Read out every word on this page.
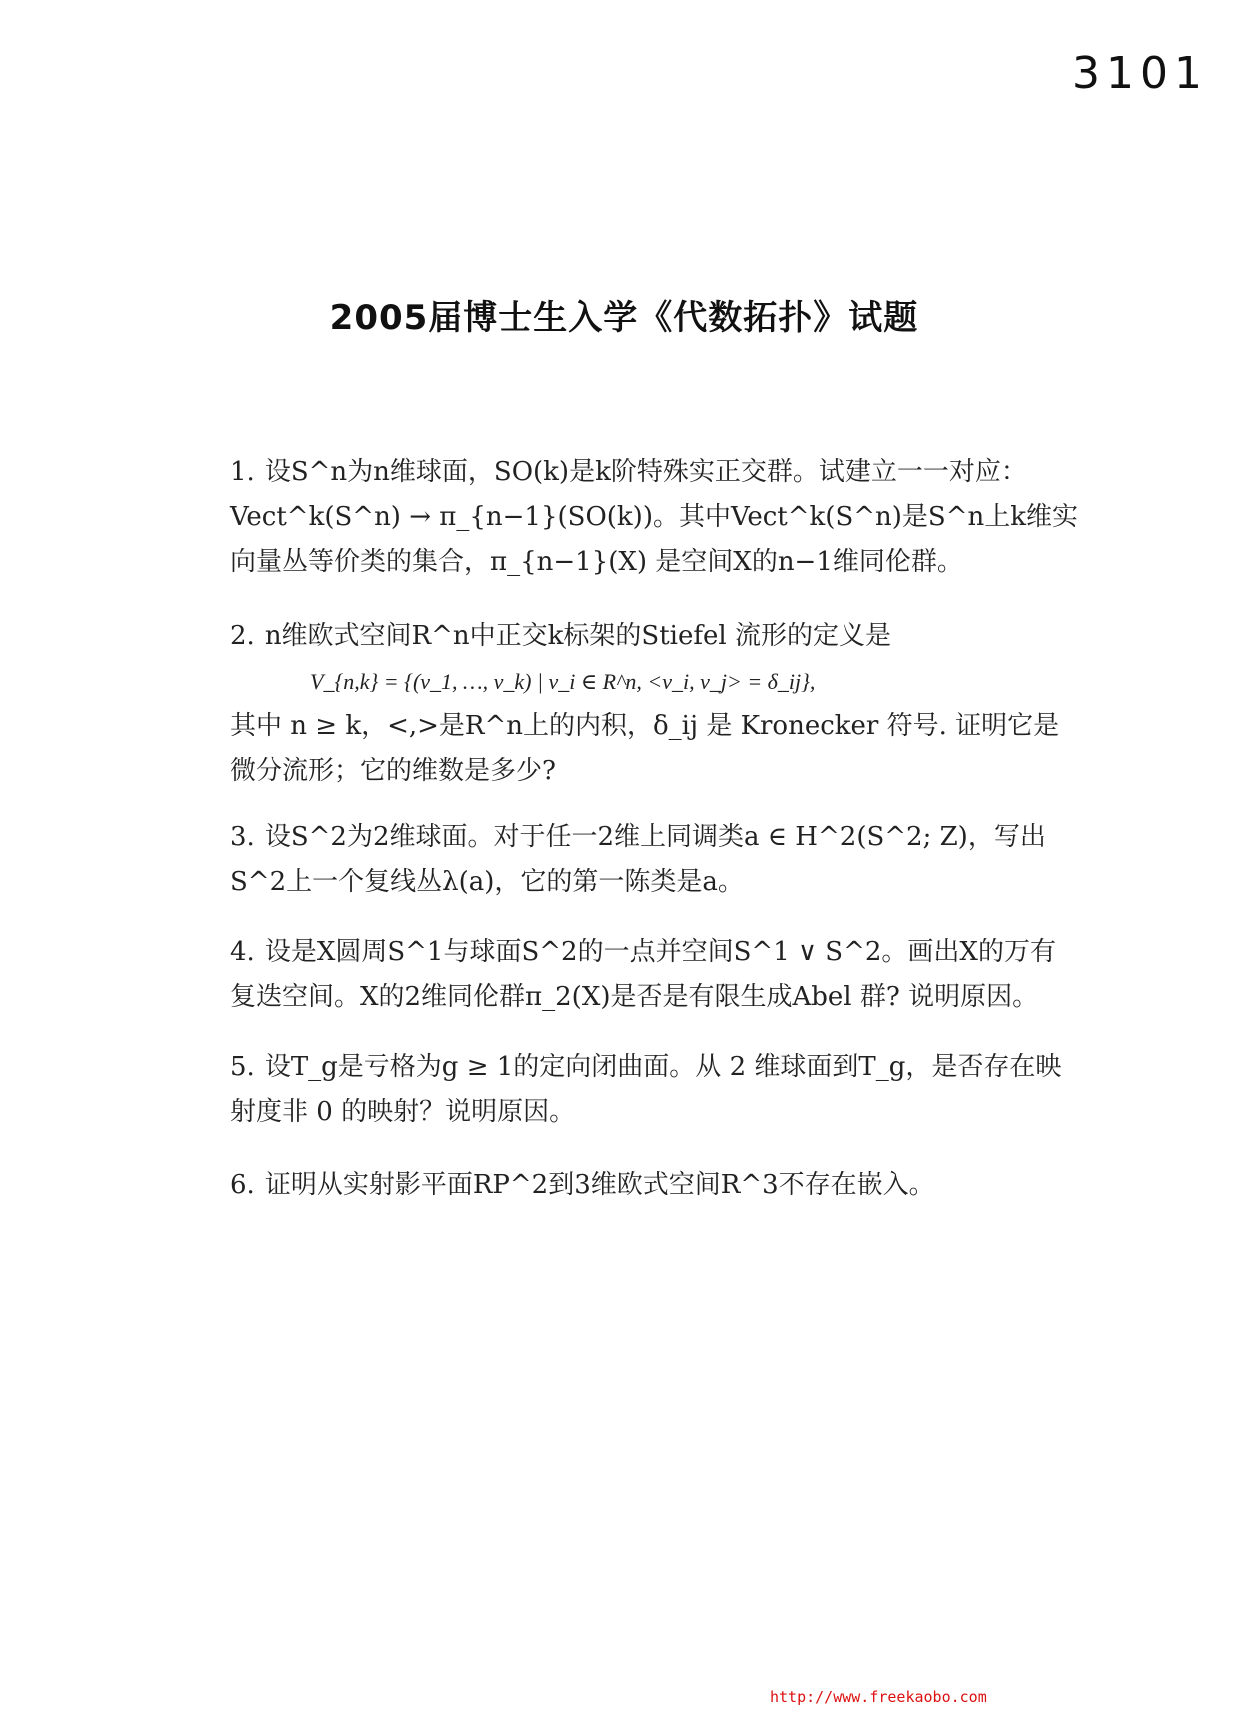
3101
2005届博士生入学《代数拓扑》试题
1. 设S^n为n维球面，SO(k)是k阶特殊实正交群。试建立一一对应：Vect^k(S^n) → π_{n−1}(SO(k))。其中Vect^k(S^n)是S^n上k维实向量丛等价类的集合，π_{n−1}(X) 是空间X的n−1维同伦群。
2. n维欧式空间R^n中正交k标架的Stiefel 流形的定义是
V_{n,k} = {(v_1, …, v_k) | v_i ∈ R^n, <v_i, v_j> = δ_ij},
其中 n ≥ k，<,>是R^n上的内积，δ_ij 是 Kronecker 符号. 证明它是微分流形；它的维数是多少?
3. 设S^2为2维球面。对于任一2维上同调类a ∈ H^2(S^2; Z)，写出S^2上一个复线丛λ(a)，它的第一陈类是a。
4. 设是X圆周S^1与球面S^2的一点并空间S^1 ∨ S^2。画出X的万有复迭空间。X的2维同伦群π_2(X)是否是有限生成Abel 群? 说明原因。
5. 设T_g是亏格为g ≥ 1的定向闭曲面。从 2 维球面到T_g，是否存在映射度非 0 的映射？说明原因。
6. 证明从实射影平面RP^2到3维欧式空间R^3不存在嵌入。
http://www.freekaobo.com
